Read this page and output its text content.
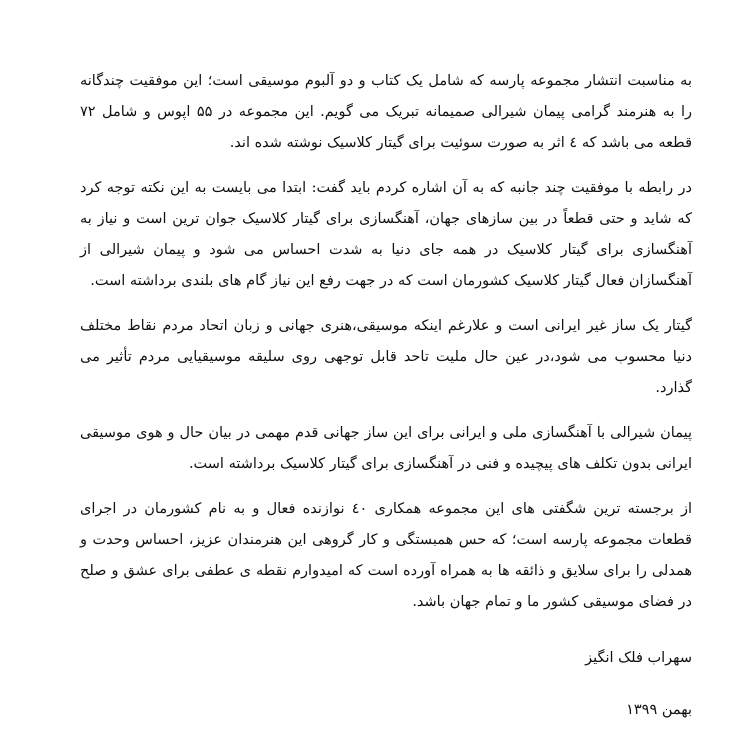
به مناسبت انتشار مجموعه پارسه که شامل یک کتاب و دو آلبوم موسیقی است؛ این موفقیت چندگانه را به هنرمند گرامی پیمان شیرالی صمیمانه تبریک می گویم. این مجموعه در ۵۵ اپوس و شامل ۷۲ قطعه می باشد که ٤ اثر به صورت سوئیت برای گیتار کلاسیک نوشته شده اند.

در رابطه با موفقیت چند جانبه که به آن اشاره کردم باید گفت: ابتدا می بایست به این نکته توجه کرد که شاید و حتی قطعاً در بین سازهای جهان، آهنگسازی برای گیتار کلاسیک جوان ترین است و نیاز به آهنگسازی برای گیتار کلاسیک در همه جای دنیا به شدت احساس می شود و پیمان شیرالی از آهنگسازان فعال گیتار کلاسیک کشورمان است که در جهت رفع این نیاز گام های بلندی برداشته است.

گیتار یک ساز غیر ایرانی است و علارغم اینکه موسیقی،هنری جهانی و زبان اتحاد مردم نقاط مختلف دنیا محسوب می شود،در عین حال ملیت تاحد قابل توجهی روی سلیقه موسیقیایی مردم تأثیر می گذارد.

پیمان شیرالی با آهنگسازی ملی و ایرانی برای این ساز جهانی قدم مهمی در بیان حال و هوی موسیقی ایرانی بدون تکلف های پیچیده و فنی در آهنگسازی برای گیتار کلاسیک برداشته است.

از برجسته ترین شگفتی های این مجموعه همکاری ٤٠ نوازنده فعال و به نام کشورمان در اجرای قطعات مجموعه پارسه است؛ که حس همبستگی و کار گروهی این هنرمندان عزیز، احساس وحدت و همدلی را برای سلایق و ذائقه ها به همراه آورده است که امیدوارم نقطه ی عطفی برای عشق و صلح در فضای موسیقی کشور ما و تمام جهان باشد.

سهراب فلک انگیز
بهمن ۱۳۹۹
